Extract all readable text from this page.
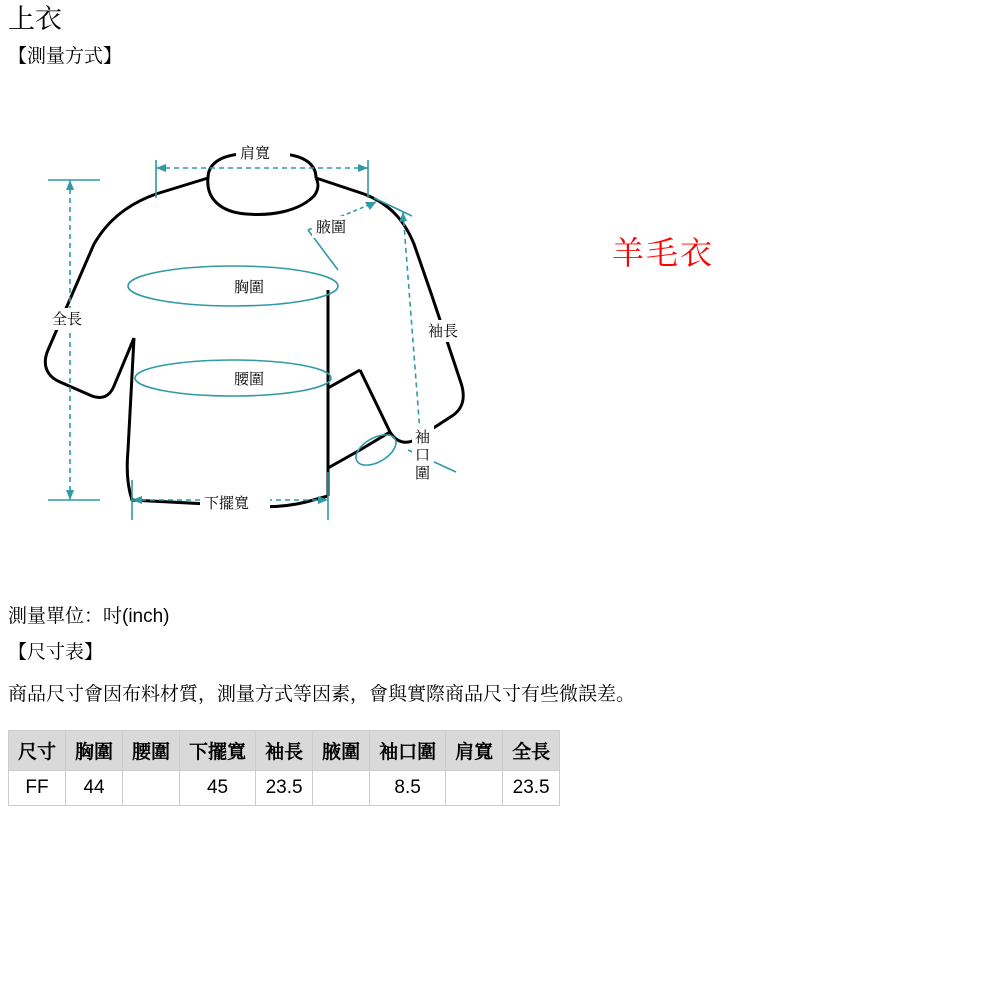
上衣
【測量方式】
羊毛衣
肩寬
腋圍
胸圍
腰圍
袖長
袖
口
圍
下擺寬
全長
測量單位：吋(inch)
【尺寸表】
商品尺寸會因布料材質，測量方式等因素，會與實際商品尺寸有些微誤差。
尺寸	胸圍	腰圍	下擺寬	袖長	腋圍	袖口圍	肩寬	全長
FF	44		45	23.5		8.5		23.5
